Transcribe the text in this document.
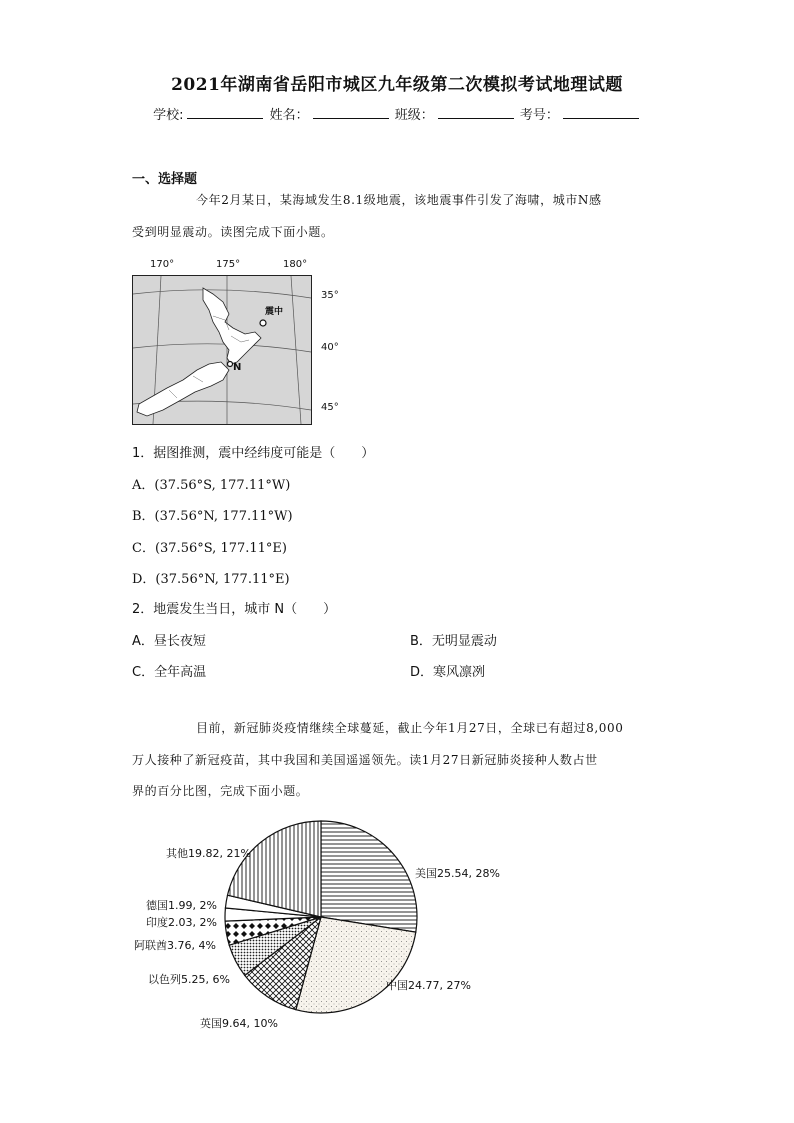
2021年湖南省岳阳市城区九年级第二次模拟考试地理试题
学校:	姓名：	班级：	考号：
一、选择题
今年2月某日，某海域发生8.1级地震，该地震事件引发了海啸，城市N感
受到明显震动。读图完成下面小题。
170°	175°	180°
35°
40°
45°
震中
N
1．据图推测，震中经纬度可能是（　　）
A．(37.56°S, 177.11°W)
B．(37.56°N, 177.11°W)
C．(37.56°S, 177.11°E)
D．(37.56°N, 177.11°E)
2．地震发生当日，城市 N（　　）
A．昼长夜短	B．无明显震动
C．全年高温	D．寒风凛冽
目前，新冠肺炎疫情继续全球蔓延，截止今年1月27日，全球已有超过8,000
万人接种了新冠疫苗，其中我国和美国遥遥领先。读1月27日新冠肺炎接种人数占世
界的百分比图，完成下面小题。
其他19.82, 21%
美国25.54, 28%
德国1.99, 2%
印度2.03, 2%
阿联酋3.76, 4%
以色列5.25, 6%	中国24.77, 27%
英国9.64, 10%
